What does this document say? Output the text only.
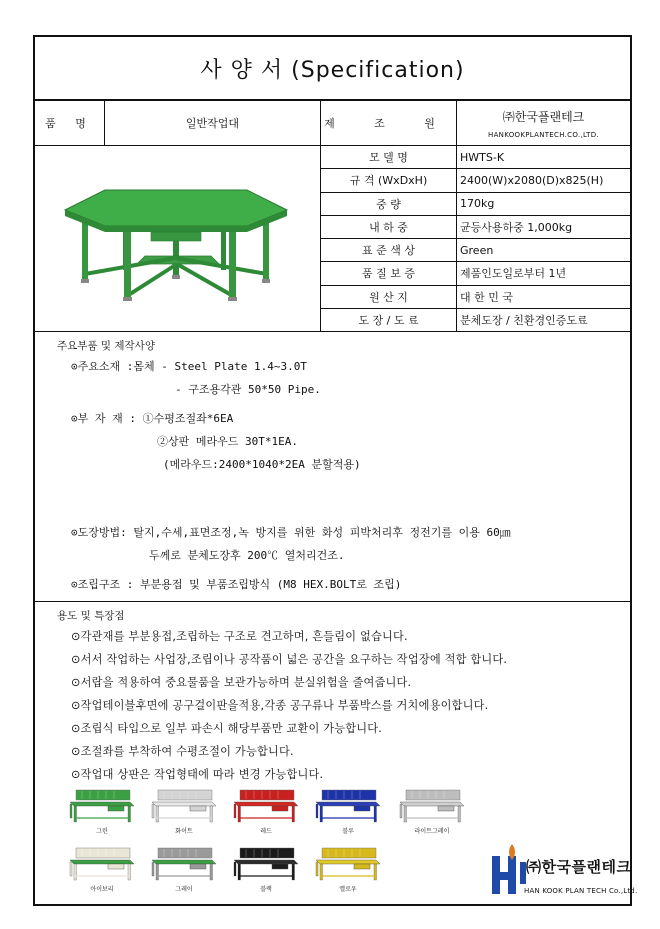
사 양 서 (Specification)
품 명	일반작업대	제 조 원	㈜한국플랜테크
HANKOOKPLANTECH.CO.,LTD.
모 델 명	HWTS-K
규 격 (WxDxH)	2400(W)x2080(D)x825(H)
중 량	170kg
내 하 중	균등사용하중 1,000kg
표 준 색 상	Green
품 질 보 증	제품인도일로부터 1년
원 산 지	대 한 민 국
도 장 / 도 료	분체도장 / 친환경인증도료
주요부품 및 제작사양
⊙주요소재 :몸체 - Steel Plate 1.4~3.0T
- 구조용각관 50*50 Pipe.
⊙부 자 재 : ①수평조절좌*6EA
②상판 메라우드 30T*1EA.
(메라우드:2400*1040*2EA 분할적용)
⊙도장방법: 탈지,수세,표면조정,녹 방지를 위한 화성 피박처리후 정전기를 이용 60㎛
두께로 분체도장후 200℃ 열처리건조.
⊙조립구조 : 부분용접 및 부품조립방식 (M8 HEX.BOLT로 조립)
용도 및 특장점
⊙각관재를 부분용접,조립하는 구조로 견고하며, 흔들림이 없습니다.
⊙서서 작업하는 사업장,조립이나 공작품이 넓은 공간을 요구하는 작업장에 적합 합니다.
⊙서랍을 적용하여 중요물품을 보관가능하며 분실위험을 줄여줍니다.
⊙작업테이블후면에 공구걸이판을적용,각종 공구류나 부품박스를 거치에용이합니다.
⊙조립식 타입으로 일부 파손시 해당부품만 교환이 가능합니다.
⊙조절좌를 부착하여 수평조절이 가능합니다.
⊙작업대 상판은 작업형태에 따라 변경 가능합니다.
그린	화이트	레드	블루	라이트그레이
아이보리	그레이	블랙	옐로우
㈜한국플랜테크
HAN KOOK PLAN TECH Co.,Ltd.
